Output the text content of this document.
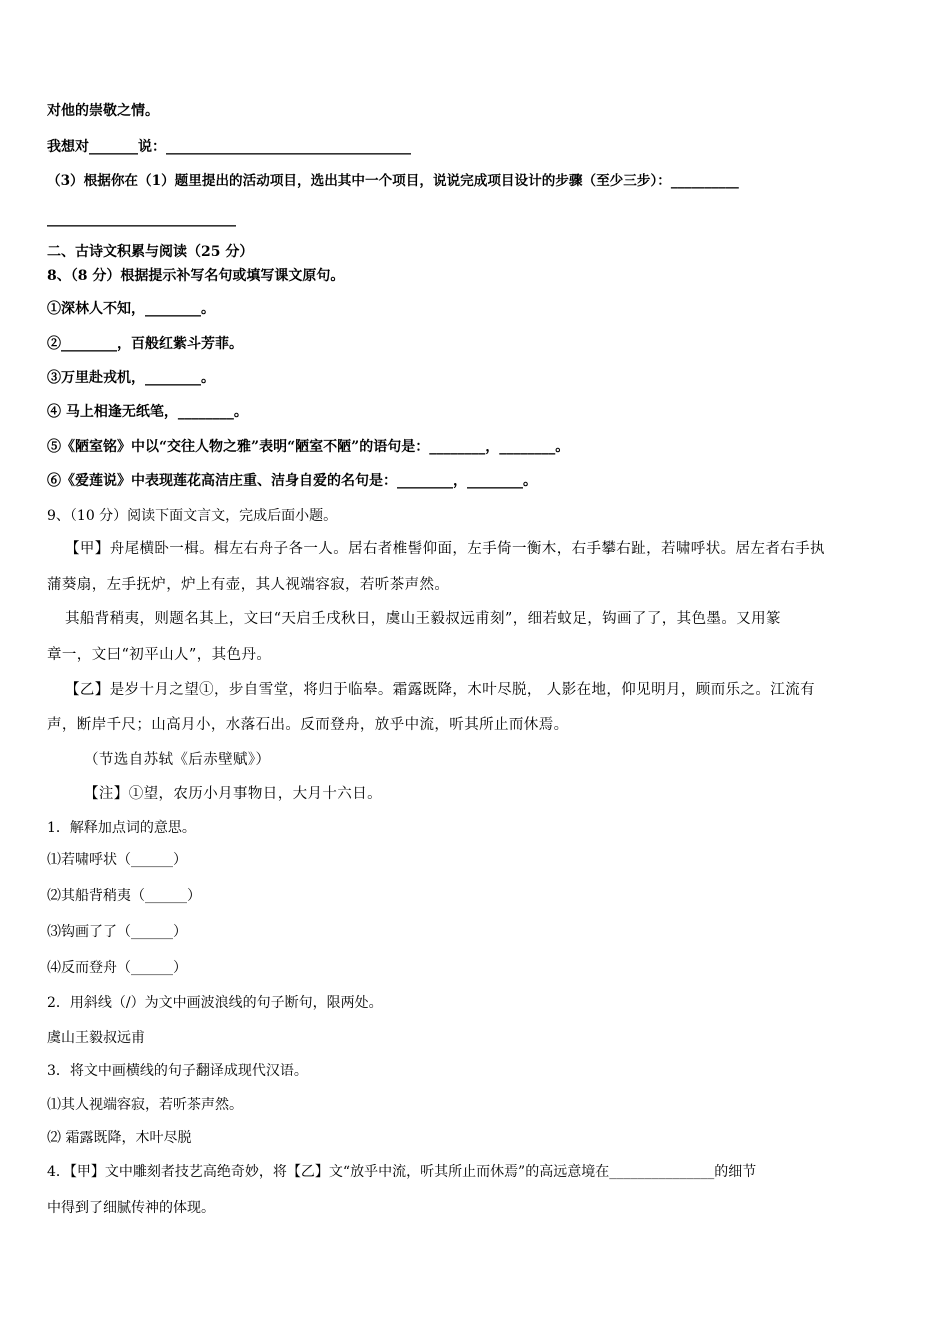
对他的崇敬之情。
我想对_______说：___________________________________
（3）根据你在（1）题里提出的活动项目，选出其中一个项目，说说完成项目设计的步骤（至少三步）：__________
___________________________
二、古诗文积累与阅读（25 分）
8、（8 分）根据提示补写名句或填写课文原句。
①深林人不知，________。
②________，百般红紫斗芳菲。
③万里赴戎机，________。
④ 马上相逢无纸笔，________。
⑤《陋室铭》中以“交往人物之雅”表明“陋室不陋”的语句是：________，________。
⑥《爱莲说》中表现莲花高洁庄重、洁身自爱的名句是：________，________。
9、（10 分）阅读下面文言文，完成后面小题。
【甲】舟尾横卧一楫。楫左右舟子各一人。居右者椎髻仰面，左手倚一衡木，右手攀右趾，若啸呼状。居左者右手执
蒲葵扇，左手抚炉，炉上有壶，其人视端容寂，若听茶声然。
其船背稍夷，则题名其上，文曰“天启壬戌秋日，虞山王毅叔远甫刻”，细若蚊足，钩画了了，其色墨。又用篆
章一，文曰“初平山人”，其色丹。
【乙】是岁十月之望①，步自雪堂，将归于临皋。霜露既降，木叶尽脱， 人影在地，仰见明月，顾而乐之。江流有
声，断岸千尺；山高月小，水落石出。反而登舟，放乎中流，听其所止而休焉。
（节选自苏轼《后赤壁赋》）
【注】①望，农历小月事物日，大月十六日。
1．解释加点词的意思。
⑴若啸呼状（______）
⑵其船背稍夷（______）
⑶钩画了了（______）
⑷反而登舟（______）
2．用斜线（/）为文中画波浪线的句子断句，限两处。
虞山王毅叔远甫
3．将文中画横线的句子翻译成现代汉语。
⑴其人视端容寂，若听茶声然。
⑵ 霜露既降，木叶尽脱
4．【甲】文中雕刻者技艺高绝奇妙，将【乙】文“放乎中流，听其所止而休焉”的高远意境在_______________的细节
中得到了细腻传神的体现。
